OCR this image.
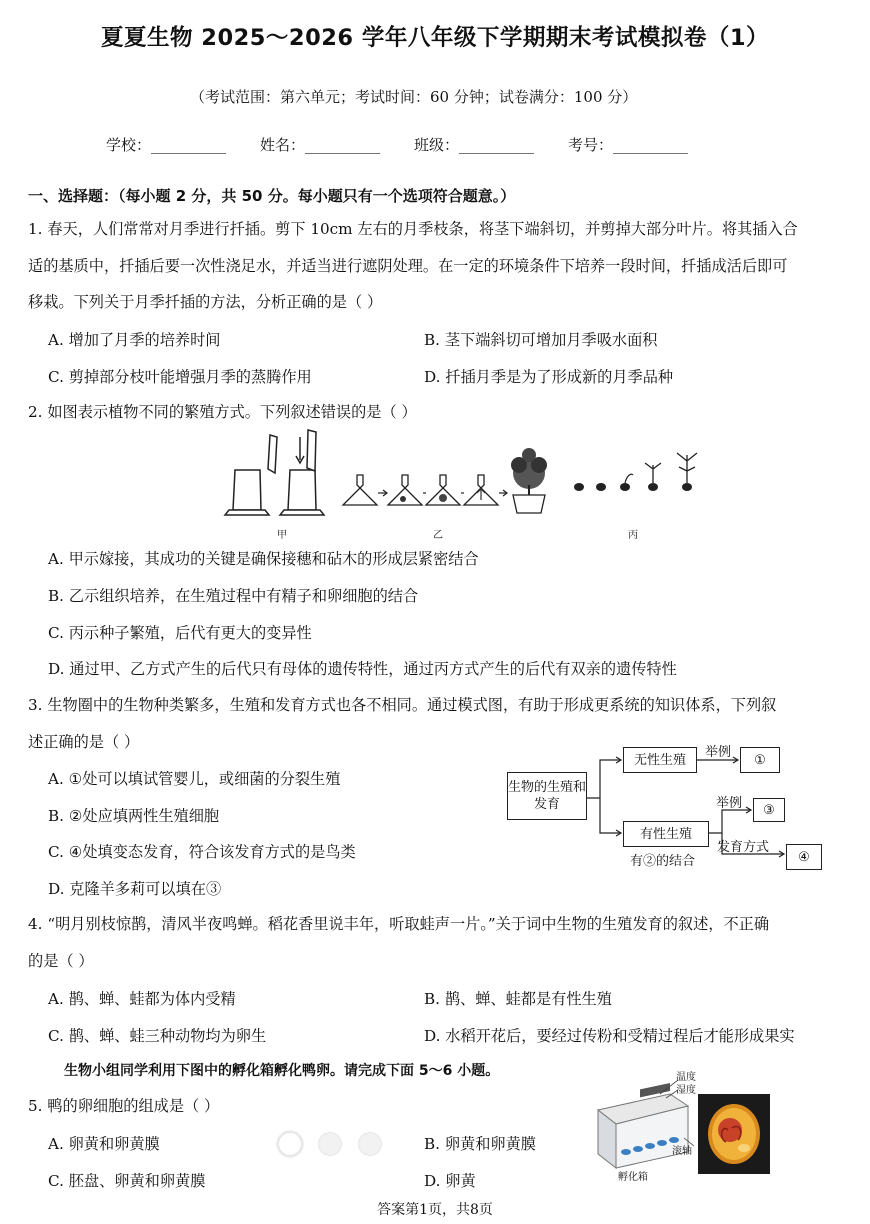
夏夏生物 2025～2026 学年八年级下学期期末考试模拟卷（1）
（考试范围：第六单元；考试时间：60 分钟；试卷满分：100 分）
学校：__________ 姓名：__________ 班级：__________ 考号：__________
一、选择题：（每小题 2 分，共 50 分。每小题只有一个选项符合题意。）
1. 春天，人们常常对月季进行扦插。剪下 10cm 左右的月季枝条，将茎下端斜切，并剪掉大部分叶片。将其插入合
适的基质中，扦插后要一次性浇足水，并适当进行遮阴处理。在一定的环境条件下培养一段时间，扦插成活后即可
移栽。下列关于月季扦插的方法，分析正确的是（ ）
A. 增加了月季的培养时间	B. 茎下端斜切可增加月季吸水面积
C. 剪掉部分枝叶能增强月季的蒸腾作用	D. 扦插月季是为了形成新的月季品种
2. 如图表示植物不同的繁殖方式。下列叙述错误的是（ ）
甲	乙	丙
A. 甲示嫁接，其成功的关键是确保接穗和砧木的形成层紧密结合
B. 乙示组织培养，在生殖过程中有精子和卵细胞的结合
C. 丙示种子繁殖，后代有更大的变异性
D. 通过甲、乙方式产生的后代只有母体的遗传特性，通过丙方式产生的后代有双亲的遗传特性
3. 生物圈中的生物种类繁多，生殖和发育方式也各不相同。通过模式图，有助于形成更系统的知识体系，下列叙
述正确的是（ ）
A. ①处可以填试管婴儿，或细菌的分裂生殖
B. ②处应填两性生殖细胞
C. ④处填变态发育，符合该发育方式的是鸟类
D. 克隆羊多莉可以填在③
生物的生殖和发育
无性生殖
有性生殖
①
③
④
举例
举例
发育方式
有②的结合
4. “明月别枝惊鹊，清风半夜鸣蝉。稻花香里说丰年，听取蛙声一片。”关于词中生物的生殖发育的叙述，不正确
的是（ ）
A. 鹊、蝉、蛙都为体内受精	B. 鹊、蝉、蛙都是有性生殖
C. 鹊、蝉、蛙三种动物均为卵生	D. 水稻开花后，要经过传粉和受精过程后才能形成果实
生物小组同学利用下图中的孵化箱孵化鸭卵。请完成下面 5～6 小题。	温度
湿度
滚轴
孵化箱
5. 鸭的卵细胞的组成是（ ）
A. 卵黄和卵黄膜	B. 卵黄和卵黄膜
C. 胚盘、卵黄和卵黄膜	D. 卵黄
答案第1页，共8页
